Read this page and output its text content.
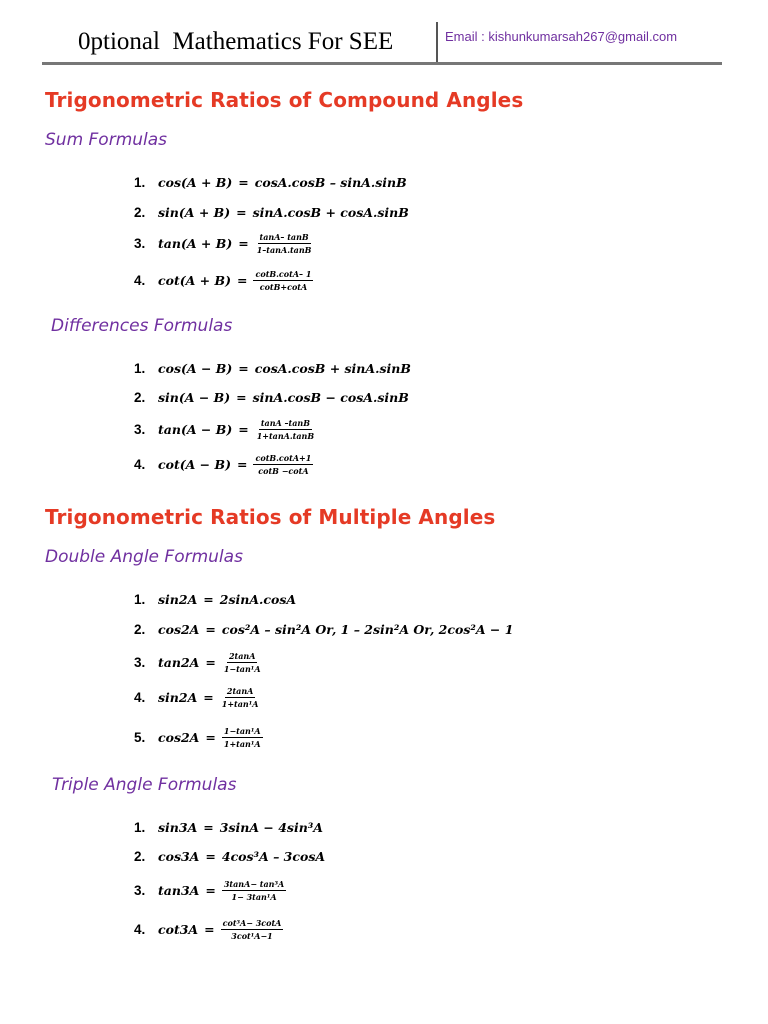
0ptional  Mathematics For SEE	Email : kishunkumarsah267@gmail.com
Trigonometric Ratios of Compound Angles
Sum Formulas
1.	cos(A + B) = cosA.cosB – sinA.sinB
2.	sin(A + B) = sinA.cosB + cosA.sinB
3.	$\tan(A + B) = \frac{\tan A- \tan B}{1-\tan A.\tan B}$
4.	$\cot(A + B) = \frac{\cot B.\cot A- 1}{\cot B+\cot A}$
Differences Formulas
1.	cos(A − B) = cosA.cosB + sinA.sinB
2.	sin(A − B) = sinA.cosB − cosA.sinB
3.	$\tan(A - B) = \frac{\tan A -\tan B}{1+\tan A.\tan B}$
4.	$\cot(A - B) = \frac{\cot B.\cot A+1}{\cot B -\cot A}$
Trigonometric Ratios of Multiple Angles
Double Angle Formulas
1.	sin2A = 2sinA.cosA
2.	cos2A = cos²A – sin²A Or, 1 – 2sin²A Or, 2cos²A − 1
3.	$\tan 2A = \frac{2\tan A}{\text{1−tan¹A}}$
4.	$\sin 2A = \frac{2\tan A}{\text{1+tan¹A}}$
5.	$\cos 2A = \frac{\text{1−tan¹A}}{\text{1+tan¹A}}$
Triple Angle Formulas
1.	sin3A = 3sinA − 4sin³A
2.	cos3A = 4cos³A – 3cosA
3.	$\tan 3A = \frac{\text{3tanA− tan³A}}{\text{1− 3tan¹A}}$
4.	$\cot 3A = \frac{\text{cot³A− 3cotA}}{\text{3cot¹A−1}}$
